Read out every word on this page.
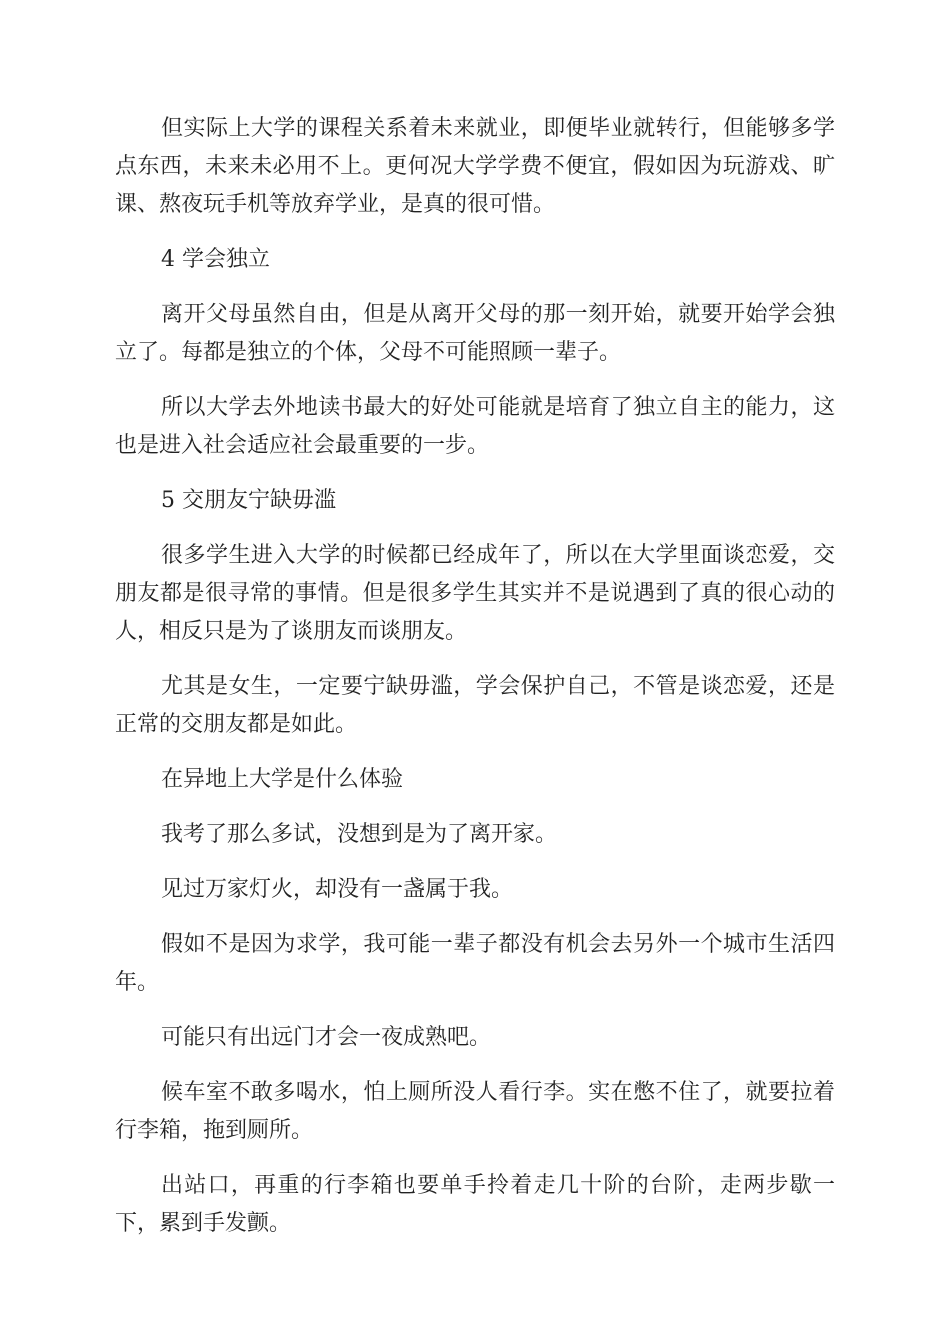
但实际上大学的课程关系着未来就业，即便毕业就转行，但能够多学点东西，未来未必用不上。更何况大学学费不便宜，假如因为玩游戏、旷课、熬夜玩手机等放弃学业，是真的很可惜。

4 学会独立

离开父母虽然自由，但是从离开父母的那一刻开始，就要开始学会独立了。每都是独立的个体，父母不可能照顾一辈子。

所以大学去外地读书最大的好处可能就是培育了独立自主的能力，这也是进入社会适应社会最重要的一步。

5 交朋友宁缺毋滥

很多学生进入大学的时候都已经成年了，所以在大学里面谈恋爱，交朋友都是很寻常的事情。但是很多学生其实并不是说遇到了真的很心动的人，相反只是为了谈朋友而谈朋友。

尤其是女生，一定要宁缺毋滥，学会保护自己，不管是谈恋爱，还是正常的交朋友都是如此。

在异地上大学是什么体验

我考了那么多试，没想到是为了离开家。

见过万家灯火，却没有一盏属于我。

假如不是因为求学，我可能一辈子都没有机会去另外一个城市生活四年。

可能只有出远门才会一夜成熟吧。

候车室不敢多喝水，怕上厕所没人看行李。实在憋不住了，就要拉着行李箱，拖到厕所。

出站口，再重的行李箱也要单手拎着走几十阶的台阶，走两步歇一下，累到手发颤。
